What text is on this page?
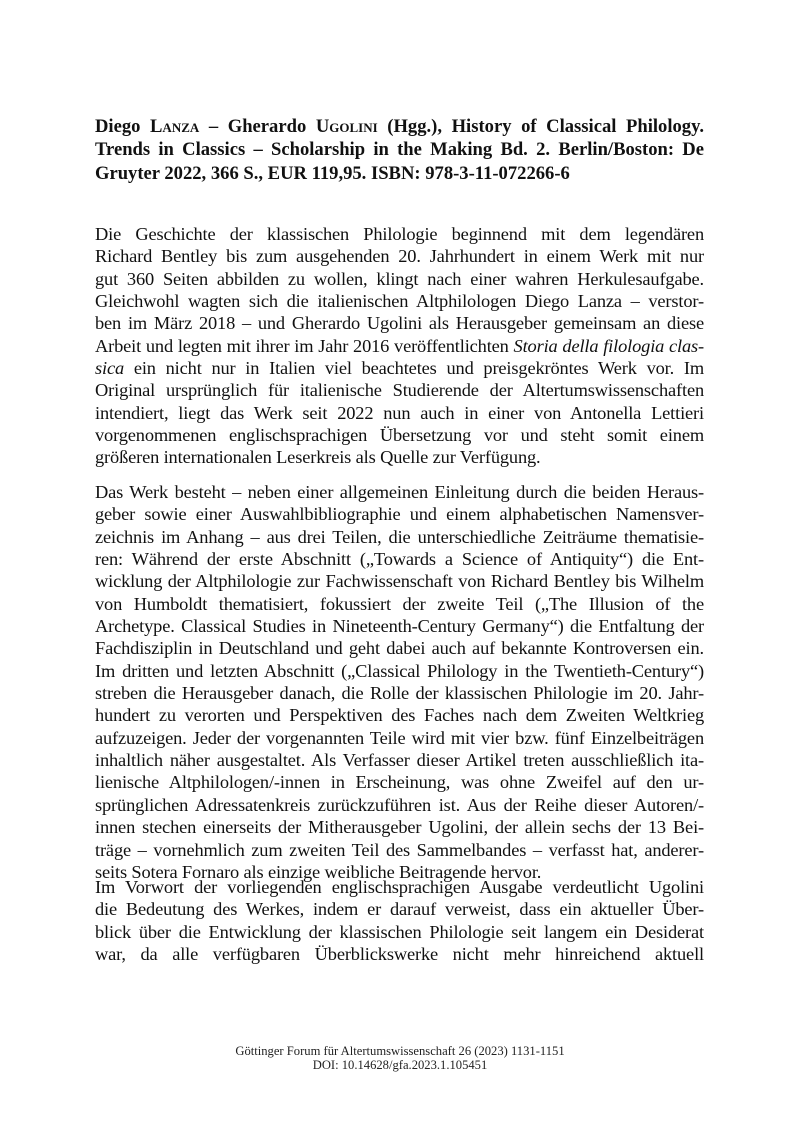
Diego Lanza – Gherardo Ugolini (Hgg.), History of Classical Philology.
Trends in Classics – Scholarship in the Making Bd. 2. Berlin/Boston: De
Gruyter 2022, 366 S., EUR 119,95. ISBN: 978-3-11-072266-6
Die Geschichte der klassischen Philologie beginnend mit dem legendären
Richard Bentley bis zum ausgehenden 20. Jahrhundert in einem Werk mit nur
gut 360 Seiten abbilden zu wollen, klingt nach einer wahren Herkulesaufgabe.
Gleichwohl wagten sich die italienischen Altphilologen Diego Lanza – verstor-
ben im März 2018 – und Gherardo Ugolini als Herausgeber gemeinsam an diese
Arbeit und legten mit ihrer im Jahr 2016 veröffentlichten Storia della filologia clas-
sica ein nicht nur in Italien viel beachtetes und preisgekröntes Werk vor. Im
Original ursprünglich für italienische Studierende der Altertumswissenschaften
intendiert, liegt das Werk seit 2022 nun auch in einer von Antonella Lettieri
vorgenommenen englischsprachigen Übersetzung vor und steht somit einem
größeren internationalen Leserkreis als Quelle zur Verfügung.
Das Werk besteht – neben einer allgemeinen Einleitung durch die beiden Heraus-
geber sowie einer Auswahlbibliographie und einem alphabetischen Namensver-
zeichnis im Anhang – aus drei Teilen, die unterschiedliche Zeiträume thematisie-
ren: Während der erste Abschnitt („Towards a Science of Antiquity“) die Ent-
wicklung der Altphilologie zur Fachwissenschaft von Richard Bentley bis Wilhelm
von Humboldt thematisiert, fokussiert der zweite Teil („The Illusion of the
Archetype. Classical Studies in Nineteenth-Century Germany“) die Entfaltung der
Fachdisziplin in Deutschland und geht dabei auch auf bekannte Kontroversen ein.
Im dritten und letzten Abschnitt („Classical Philology in the Twentieth-Century“)
streben die Herausgeber danach, die Rolle der klassischen Philologie im 20. Jahr-
hundert zu verorten und Perspektiven des Faches nach dem Zweiten Weltkrieg
aufzuzeigen. Jeder der vorgenannten Teile wird mit vier bzw. fünf Einzelbeiträgen
inhaltlich näher ausgestaltet. Als Verfasser dieser Artikel treten ausschließlich ita-
lienische Altphilologen/-innen in Erscheinung, was ohne Zweifel auf den ur-
sprünglichen Adressatenkreis zurückzuführen ist. Aus der Reihe dieser Autoren/-
innen stechen einerseits der Mitherausgeber Ugolini, der allein sechs der 13 Bei-
träge – vornehmlich zum zweiten Teil des Sammelbandes – verfasst hat, anderer-
seits Sotera Fornaro als einzige weibliche Beitragende hervor.
Im Vorwort der vorliegenden englischsprachigen Ausgabe verdeutlicht Ugolini
die Bedeutung des Werkes, indem er darauf verweist, dass ein aktueller Über-
blick über die Entwicklung der klassischen Philologie seit langem ein Desiderat
war, da alle verfügbaren Überblickswerke nicht mehr hinreichend aktuell
Göttinger Forum für Altertumswissenschaft 26 (2023) 1131-1151
DOI: 10.14628/gfa.2023.1.105451
